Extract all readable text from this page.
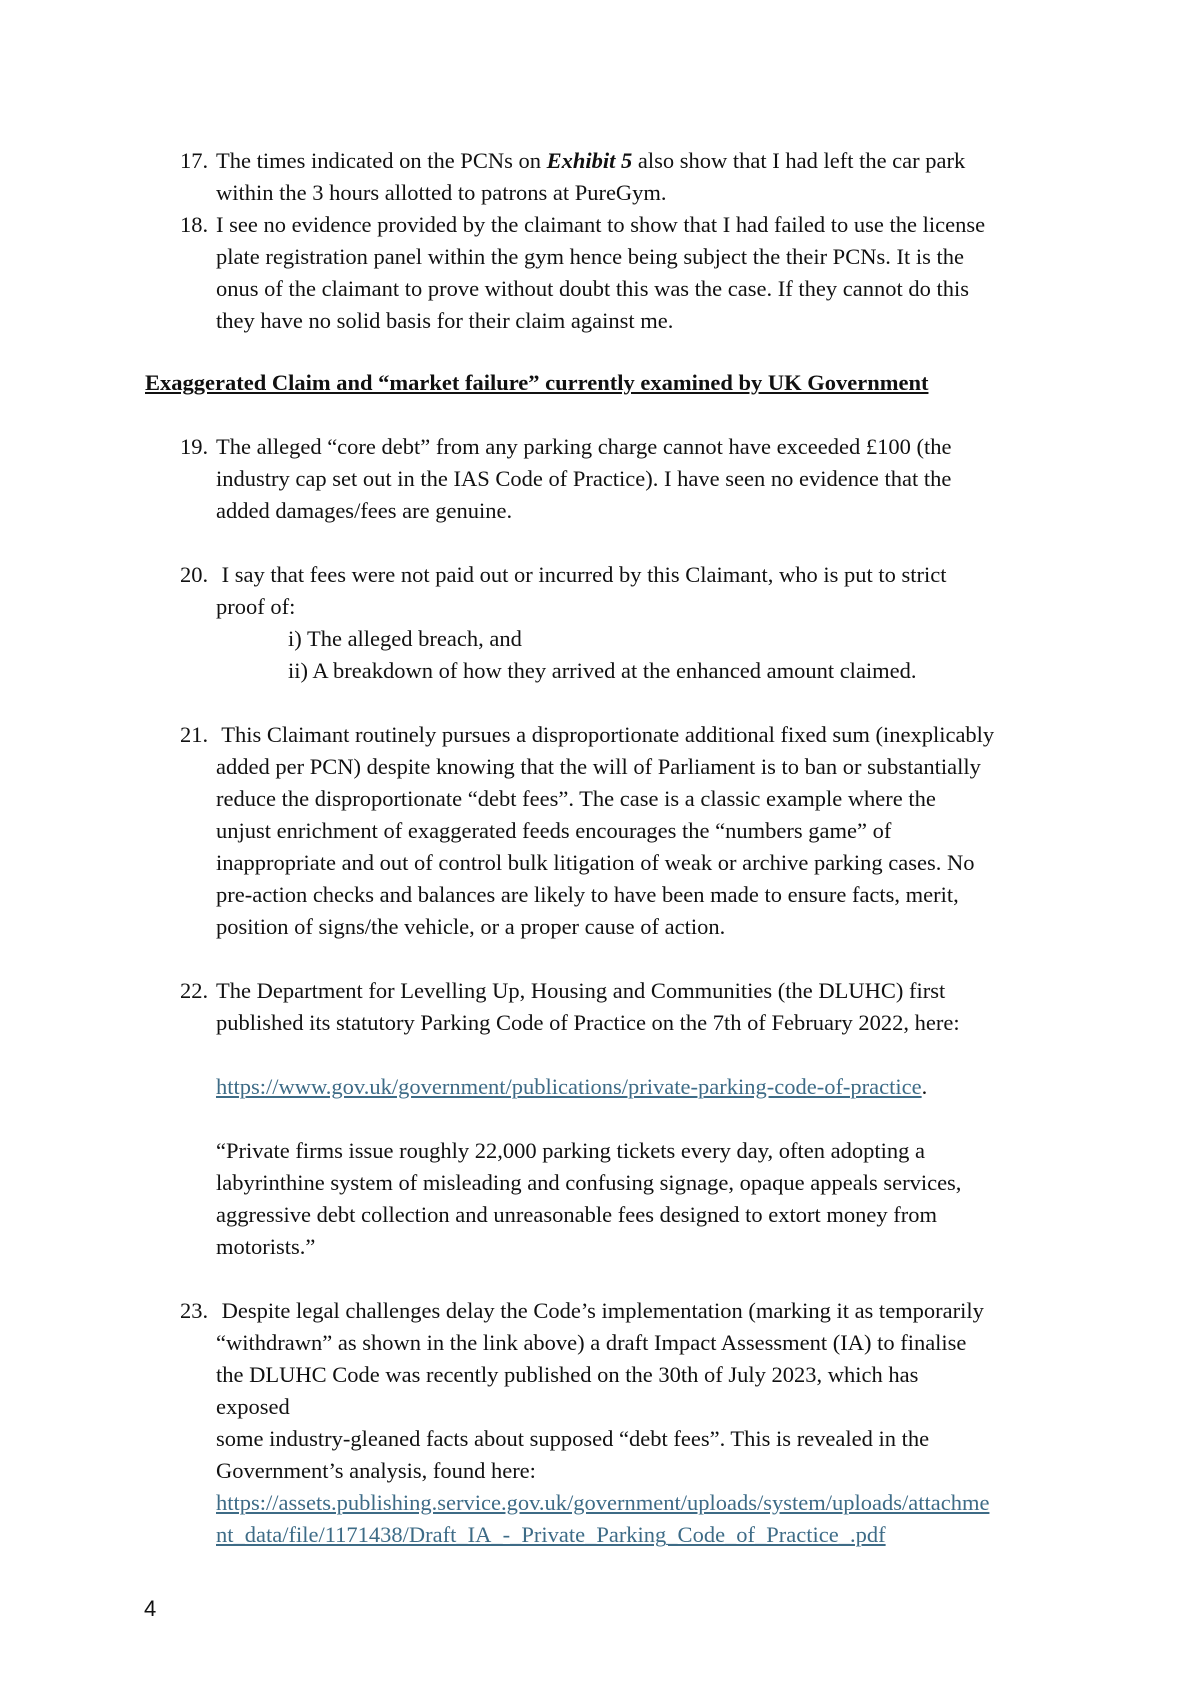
17. The times indicated on the PCNs on Exhibit 5 also show that I had left the car park
within the 3 hours allotted to patrons at PureGym.
18. I see no evidence provided by the claimant to show that I had failed to use the license
plate registration panel within the gym hence being subject the their PCNs. It is the
onus of the claimant to prove without doubt this was the case. If they cannot do this
they have no solid basis for their claim against me.
Exaggerated Claim and “market failure” currently examined by UK Government
19. The alleged “core debt” from any parking charge cannot have exceeded £100 (the
industry cap set out in the IAS Code of Practice). I have seen no evidence that the
added damages/fees are genuine.
20. I say that fees were not paid out or incurred by this Claimant, who is put to strict
proof of:
i) The alleged breach, and
ii) A breakdown of how they arrived at the enhanced amount claimed.
21. This Claimant routinely pursues a disproportionate additional fixed sum (inexplicably
added per PCN) despite knowing that the will of Parliament is to ban or substantially
reduce the disproportionate “debt fees”. The case is a classic example where the
unjust enrichment of exaggerated feeds encourages the “numbers game” of
inappropriate and out of control bulk litigation of weak or archive parking cases. No
pre-action checks and balances are likely to have been made to ensure facts, merit,
position of signs/the vehicle, or a proper cause of action.
22. The Department for Levelling Up, Housing and Communities (the DLUHC) first
published its statutory Parking Code of Practice on the 7th of February 2022, here:
https://www.gov.uk/government/publications/private-parking-code-of-practice.
“Private firms issue roughly 22,000 parking tickets every day, often adopting a
labyrinthine system of misleading and confusing signage, opaque appeals services,
aggressive debt collection and unreasonable fees designed to extort money from
motorists.”
23. Despite legal challenges delay the Code’s implementation (marking it as temporarily
“withdrawn” as shown in the link above) a draft Impact Assessment (IA) to finalise
the DLUHC Code was recently published on the 30th of July 2023, which has
exposed
some industry-gleaned facts about supposed “debt fees”. This is revealed in the
Government’s analysis, found here:
https://assets.publishing.service.gov.uk/government/uploads/system/uploads/attachme
nt_data/file/1171438/Draft_IA_-_Private_Parking_Code_of_Practice_.pdf
4
